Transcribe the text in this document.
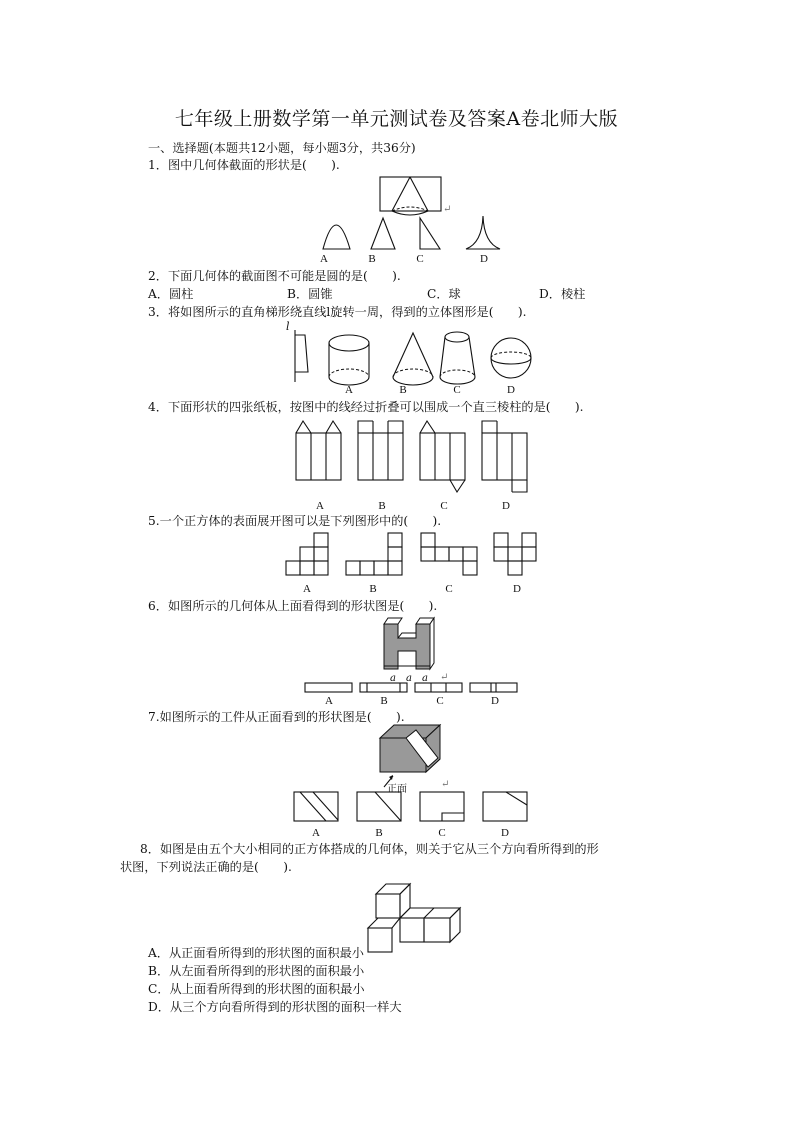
七年级上册数学第一单元测试卷及答案A卷北师大版
一、选择题(本题共12小题，每小题3分，共36分)
1．图中几何体截面的形状是(　　).
↵
A	B	C	D
2．下面几何体的截面图不可能是圆的是(　　).
A．圆柱	B．圆锥	C．球	D．棱柱
3．将如图所示的直角梯形绕直线l旋转一周，得到的立体图形是(　　).
l
A	B	C	D
4．下面形状的四张纸板，按图中的线经过折叠可以围成一个直三棱柱的是(　　).
A	B	C	D
5.一个正方体的表面展开图可以是下列图形中的(　　).
A	B	C	D
6．如图所示的几何体从上面看得到的形状图是(　　).
a a a ↵
A	B	C	D
7.如图所示的工件从正面看到的形状图是(　　).
正面	↵
A	B	C	D
8．如图是由五个大小相同的正方体搭成的几何体，则关于它从三个方向看所得到的形
状图，下列说法正确的是(　　).
A．从正面看所得到的形状图的面积最小
B．从左面看所得到的形状图的面积最小
C．从上面看所得到的形状图的面积最小
D．从三个方向看所得到的形状图的面积一样大
